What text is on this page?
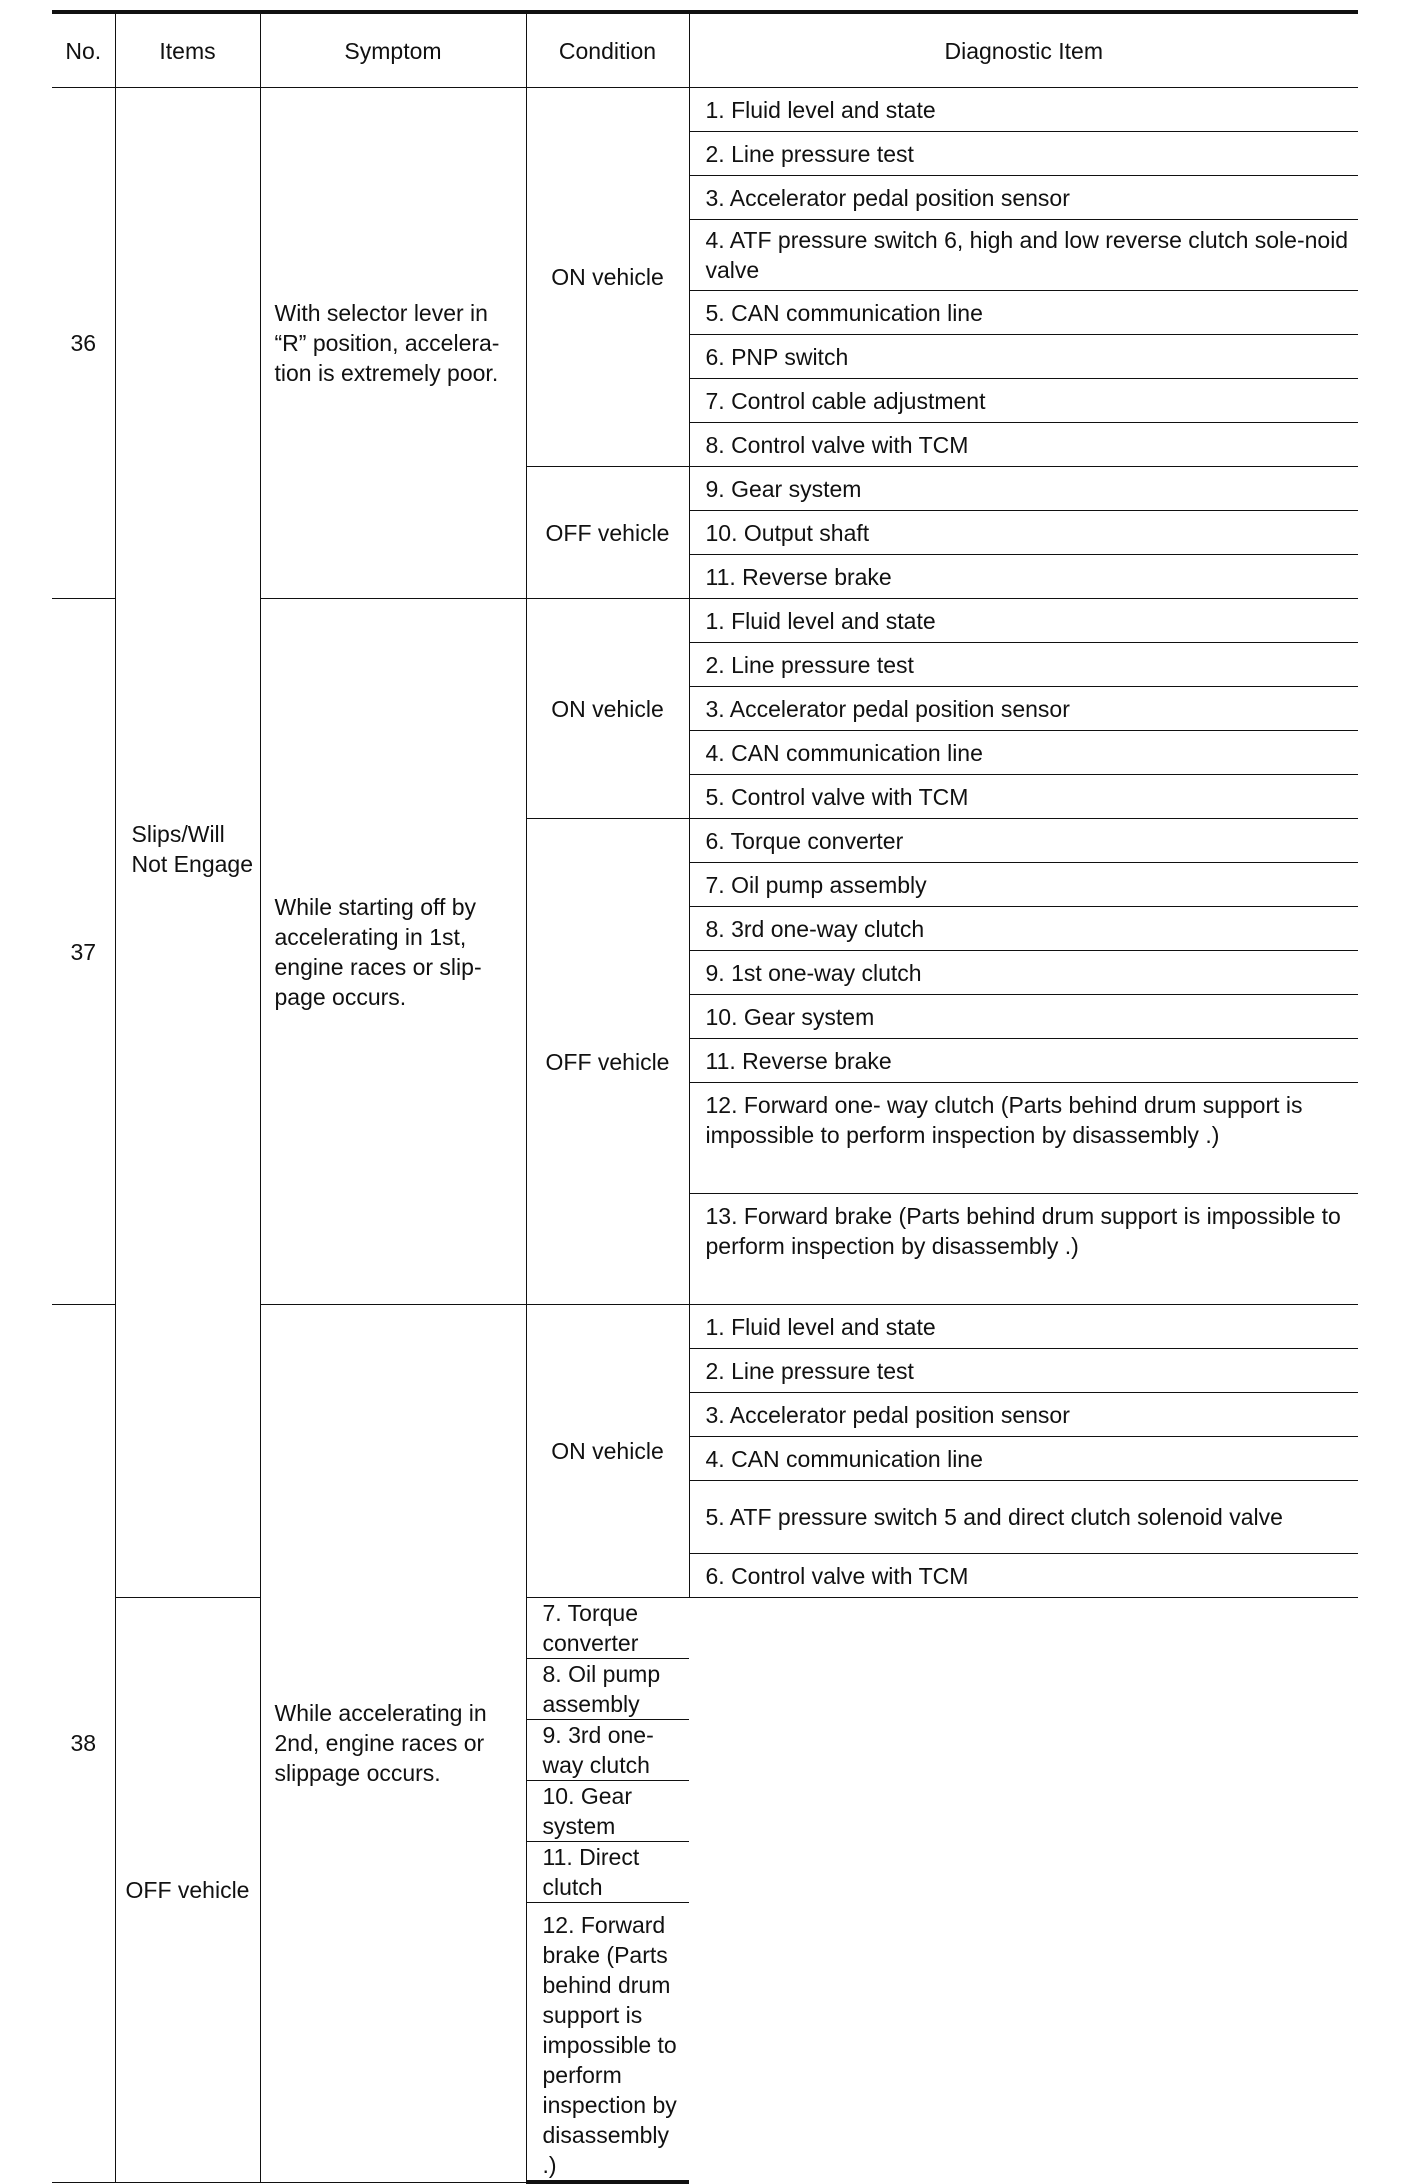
No.	Items	Symptom	Condition	Diagnostic Item
36	Slips/Will Not Engage	With selector lever in “R” position, accelera-tion is extremely poor.	ON vehicle	1. Fluid level and state
				2. Line pressure test
				3. Accelerator pedal position sensor
				4. ATF pressure switch 6, high and low reverse clutch sole-noid valve
				5. CAN communication line
				6. PNP switch
				7. Control cable adjustment
				8. Control valve with TCM
			OFF vehicle	9. Gear system
				10. Output shaft
				11. Reverse brake
37		While starting off by accelerating in 1st, engine races or slip-page occurs.	ON vehicle	1. Fluid level and state
				2. Line pressure test
				3. Accelerator pedal position sensor
				4. CAN communication line
				5. Control valve with TCM
			OFF vehicle	6. Torque converter
				7. Oil pump assembly
				8. 3rd one-way clutch
				9. 1st one-way clutch
				10. Gear system
				11. Reverse brake
				12. Forward one- way clutch (Parts behind drum support is impossible to perform inspection by disassembly .)
				13. Forward brake (Parts behind drum support is impossible to perform inspection by disassembly .)
38		While accelerating in 2nd, engine races or slippage occurs.	ON vehicle	1. Fluid level and state
				2. Line pressure test
				3. Accelerator pedal position sensor
				4. CAN communication line
				5. ATF pressure switch 5 and direct clutch solenoid valve
				6. Control valve with TCM
	OFF vehicle		7. Torque converter	
			8. Oil pump assembly	
			9. 3rd one-way clutch	
			10. Gear system	
			11. Direct clutch	
			12. Forward brake (Parts behind drum support is impossible to perform inspection by disassembly .)	
